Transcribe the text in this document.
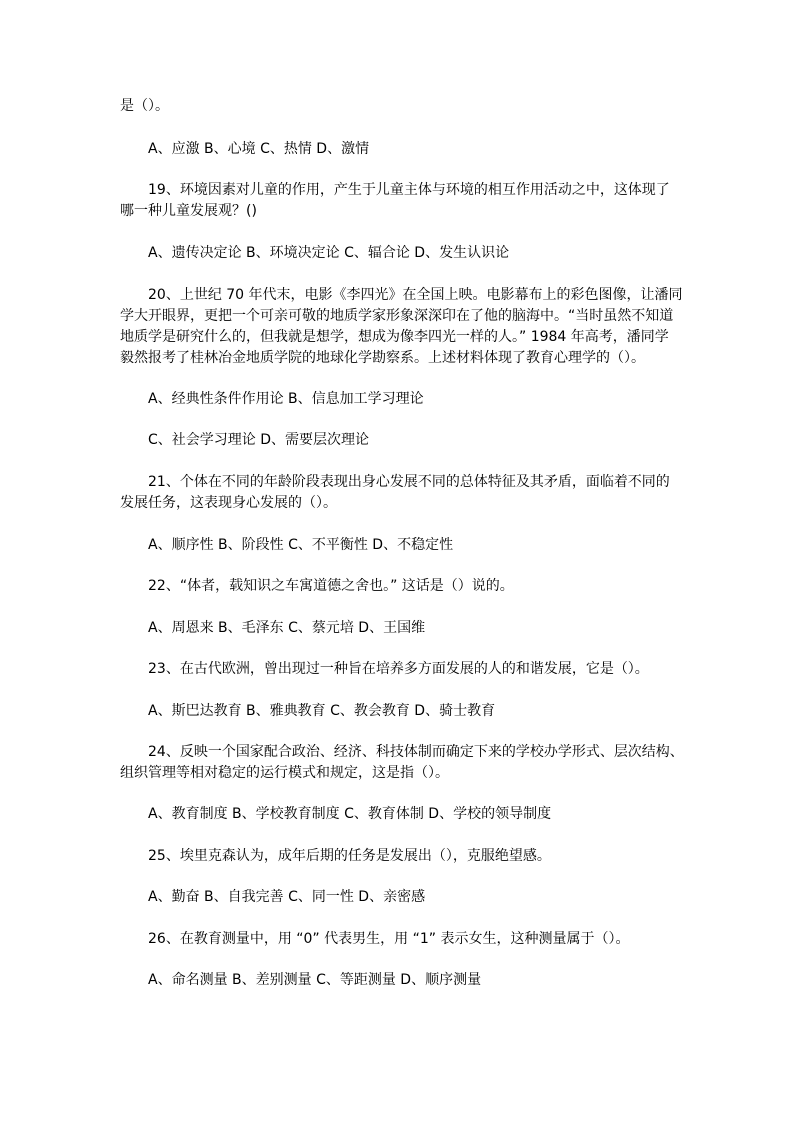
是（）。
A、应激 B、心境 C、热情 D、激情
19、环境因素对儿童的作用，产生于儿童主体与环境的相互作用活动之中，这体现了
哪一种儿童发展观？()
A、遗传决定论 B、环境决定论 C、辐合论 D、发生认识论
20、上世纪 70 年代末，电影《李四光》在全国上映。电影幕布上的彩色图像，让潘同
学大开眼界，更把一个可亲可敬的地质学家形象深深印在了他的脑海中。“当时虽然不知道
地质学是研究什么的，但我就是想学，想成为像李四光一样的人。” 1984 年高考，潘同学
毅然报考了桂林冶金地质学院的地球化学勘察系。上述材料体现了教育心理学的（）。
A、经典性条件作用论 B、信息加工学习理论
C、社会学习理论 D、需要层次理论
21、个体在不同的年龄阶段表现出身心发展不同的总体特征及其矛盾，面临着不同的
发展任务，这表现身心发展的（）。
A、顺序性 B、阶段性 C、不平衡性 D、不稳定性
22、“体者，载知识之车寓道德之舍也。” 这话是（）说的。
A、周恩来 B、毛泽东 C、蔡元培 D、王国维
23、在古代欧洲，曾出现过一种旨在培养多方面发展的人的和谐发展，它是（）。
A、斯巴达教育 B、雅典教育 C、教会教育 D、骑士教育
24、反映一个国家配合政治、经济、科技体制而确定下来的学校办学形式、层次结构、
组织管理等相对稳定的运行模式和规定，这是指（）。
A、教育制度 B、学校教育制度 C、教育体制 D、学校的领导制度
25、埃里克森认为，成年后期的任务是发展出（），克服绝望感。
A、勤奋 B、自我完善 C、同一性 D、亲密感
26、在教育测量中，用 “0” 代表男生，用 “1” 表示女生，这种测量属于（）。
A、命名测量 B、差别测量 C、等距测量 D、顺序测量
